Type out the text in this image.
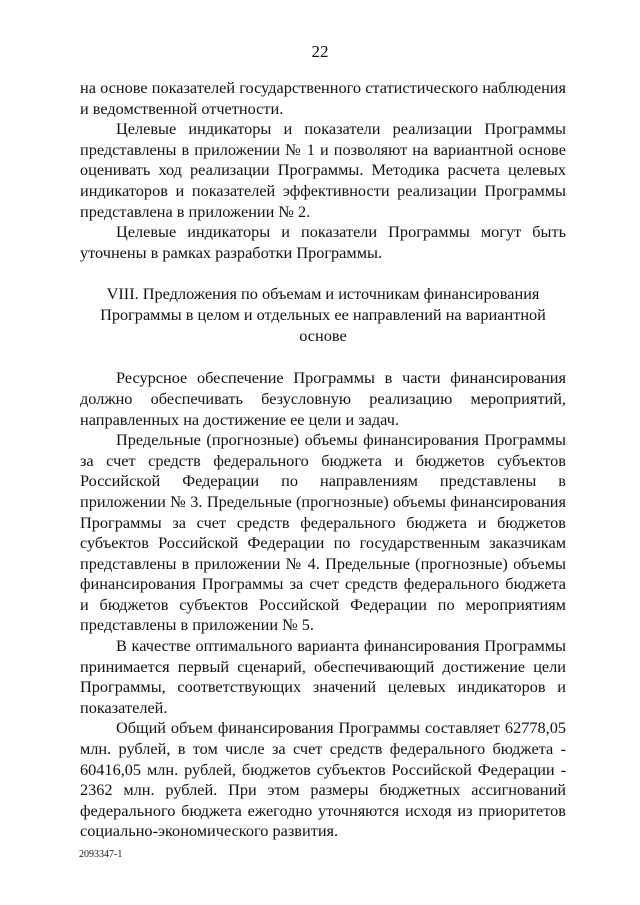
22

на основе показателей государственного статистического наблюдения и ведомственной отчетности.

Целевые индикаторы и показатели реализации Программы представлены в приложении № 1 и позволяют на вариантной основе оценивать ход реализации Программы. Методика расчета целевых индикаторов и показателей эффективности реализации Программы представлена в приложении № 2.

Целевые индикаторы и показатели Программы могут быть уточнены в рамках разработки Программы.

VIII. Предложения по объемам и источникам финансирования
Программы в целом и отдельных ее направлений на вариантной основе

Ресурсное обеспечение Программы в части финансирования должно обеспечивать безусловную реализацию мероприятий, направленных на достижение ее цели и задач.

Предельные (прогнозные) объемы финансирования Программы за счет средств федерального бюджета и бюджетов субъектов Российской Федерации по направлениям представлены в приложении № 3. Предельные (прогнозные) объемы финансирования Программы за счет средств федерального бюджета и бюджетов субъектов Российской Федерации по государственным заказчикам представлены в приложении № 4. Предельные (прогнозные) объемы финансирования Программы за счет средств федерального бюджета и бюджетов субъектов Российской Федерации по мероприятиям представлены в приложении № 5.

В качестве оптимального варианта финансирования Программы принимается первый сценарий, обеспечивающий достижение цели Программы, соответствующих значений целевых индикаторов и показателей.

Общий объем финансирования Программы составляет 62778,05 млн. рублей, в том числе за счет средств федерального бюджета - 60416,05 млн. рублей, бюджетов субъектов Российской Федерации - 2362 млн. рублей. При этом размеры бюджетных ассигнований федерального бюджета ежегодно уточняются исходя из приоритетов социально-экономического развития.

2093347-1
